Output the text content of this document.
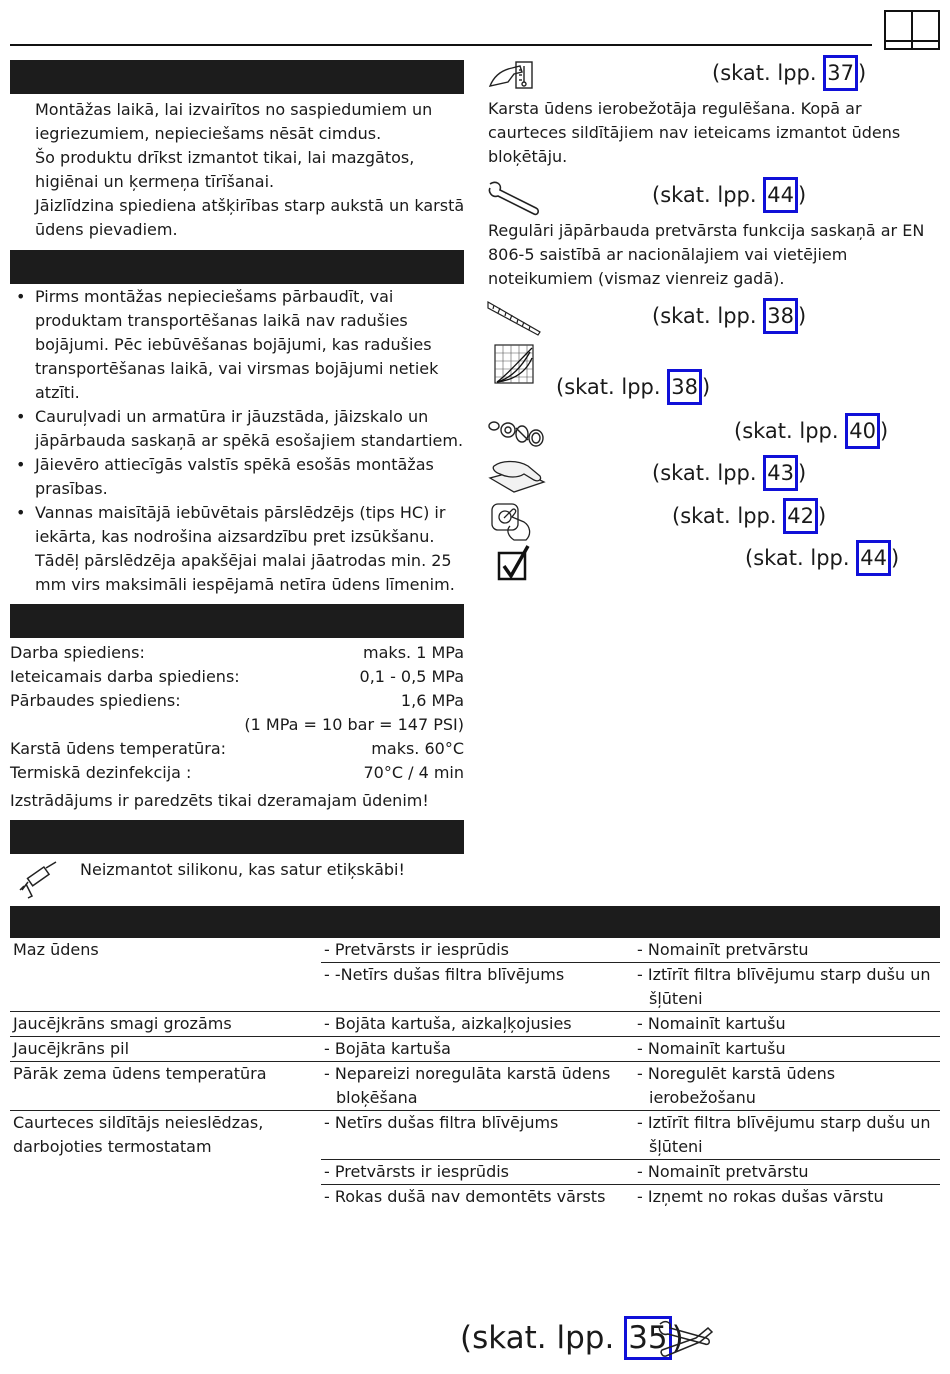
Montāžas laikā, lai izvairītos no saspiedumiem un iegriezumiem, nepieciešams nēsāt cimdus.

Šo produktu drīkst izmantot tikai, lai mazgātos, higiēnai un ķermeņa tīrīšanai.

Jāizlīdzina spiediena atšķirības starp aukstā un karstā ūdens pievadiem.

• Pirms montāžas nepieciešams pārbaudīt, vai produktam transportēšanas laikā nav radušies bojājumi. Pēc iebūvēšanas bojājumi, kas radušies transportēšanas laikā, vai virsmas bojājumi netiek atzīti.
• Cauruļvadi un armatūra ir jāuzstāda, jāizskalo un jāpārbauda saskaņā ar spēkā esošajiem standartiem.
• Jāievēro attiecīgās valstīs spēkā esošās montāžas prasības.
• Vannas maisītājā iebūvētais pārslēdzējs (tips HC) ir iekārta, kas nodrošina aizsardzību pret izsūkšanu. Tādēļ pārslēdzēja apakšējai malai jāatrodas min. 25 mm virs maksimāli iespējamā netīra ūdens līmenim.
Darba spiediens:	maks. 1 MPa
Ieteicamais darba spiediens:	0,1 - 0,5 MPa
Pārbaudes spiediens:	1,6 MPa
(1 MPa = 10 bar = 147 PSI)
Karstā ūdens temperatūra:	maks. 60°C
Termiskā dezinfekcija :	70°C / 4 min
Izstrādājums ir paredzēts tikai dzeramajam ūdenim!
Neizmantot silikonu, kas satur etiķskābi!
(skat. lpp. 37 )
Karsta ūdens ierobežotāja regulēšana. Kopā ar caurteces sildītājiem nav ieteicams izmantot ūdens bloķētāju.
(skat. lpp. 44 )
Regulāri jāpārbauda pretvārsta funkcija saskaņā ar EN 806-5 saistībā ar nacionālajiem vai vietējiem noteikumiem (vismaz vienreiz gadā).
(skat. lpp. 38 )
(skat. lpp. 38 )
(skat. lpp. 40 )
(skat. lpp. 43 )
(skat. lpp. 42 )
(skat. lpp. 44 )
Maz ūdens	- Pretvārsts ir iesprūdis	- Nomainīt pretvārstu

	- -Netīrs dušas filtra blīvējums	- Iztīrīt filtra blīvējumu starp dušu un šļūteni

Jaucējkrāns smagi grozāms	- Bojāta kartuša, aizkaļķojusies	- Nomainīt kartušu

Jaucējkrāns pil	- Bojāta kartuša	- Nomainīt kartušu

Pārāk zema ūdens temperatūra	- Nepareizi noregulāta karstā ūdens bloķēšana	- Noregulēt karstā ūdens ierobežošanu

Caurteces sildītājs neieslēdzas, darbojoties termostatam	- Netīrs dušas filtra blīvējums	- Iztīrīt filtra blīvējumu starp dušu un šļūteni

	- Pretvārsts ir iesprūdis	- Nomainīt pretvārstu

	- Rokas dušā nav demontēts vārsts	- Izņemt no rokas dušas vārstu
(skat. lpp. 35 )
